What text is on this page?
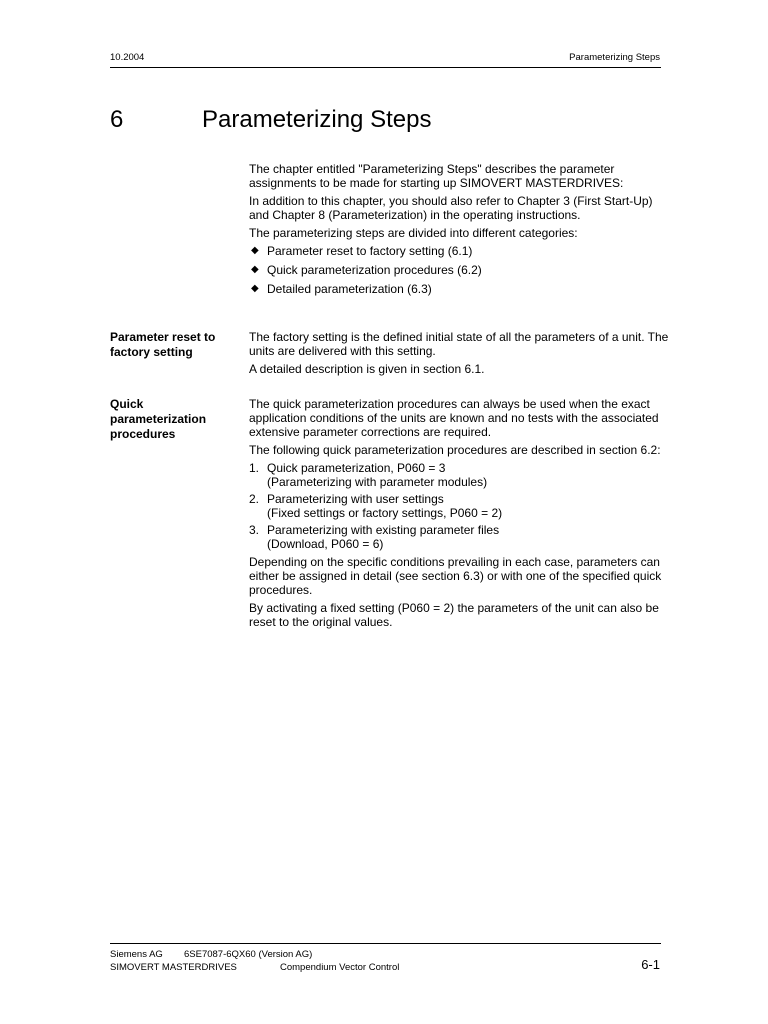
10.2004	Parameterizing Steps
6	Parameterizing Steps

The chapter entitled "Parameterizing Steps" describes the parameter assignments to be made for starting up SIMOVERT MASTERDRIVES:

In addition to this chapter, you should also refer to Chapter 3 (First Start-Up) and Chapter 8 (Parameterization) in the operating instructions.

The parameterizing steps are divided into different categories:

◆ Parameter reset to factory setting (6.1)
◆ Quick parameterization procedures (6.2)
◆ Detailed parameterization (6.3)
Parameter reset to factory setting

The factory setting is the defined initial state of all the parameters of a unit. The units are delivered with this setting.

A detailed description is given in section 6.1.

Quick parameterization procedures

The quick parameterization procedures can always be used when the exact application conditions of the units are known and no tests with the associated extensive parameter corrections are required.

The following quick parameterization procedures are described in section 6.2:

1. Quick parameterization, P060 = 3
(Parameterizing with parameter modules)
2. Parameterizing with user settings
(Fixed settings or factory settings, P060 = 2)
3. Parameterizing with existing parameter files
(Download, P060 = 6)

Depending on the specific conditions prevailing in each case, parameters can either be assigned in detail (see section 6.3) or with one of the specified quick procedures.

By activating a fixed setting (P060 = 2) the parameters of the unit can also be reset to the original values.

Siemens AG 6SE7087-6QX60 (Version AG)
SIMOVERT MASTERDRIVES	Compendium Vector Control	6-1
